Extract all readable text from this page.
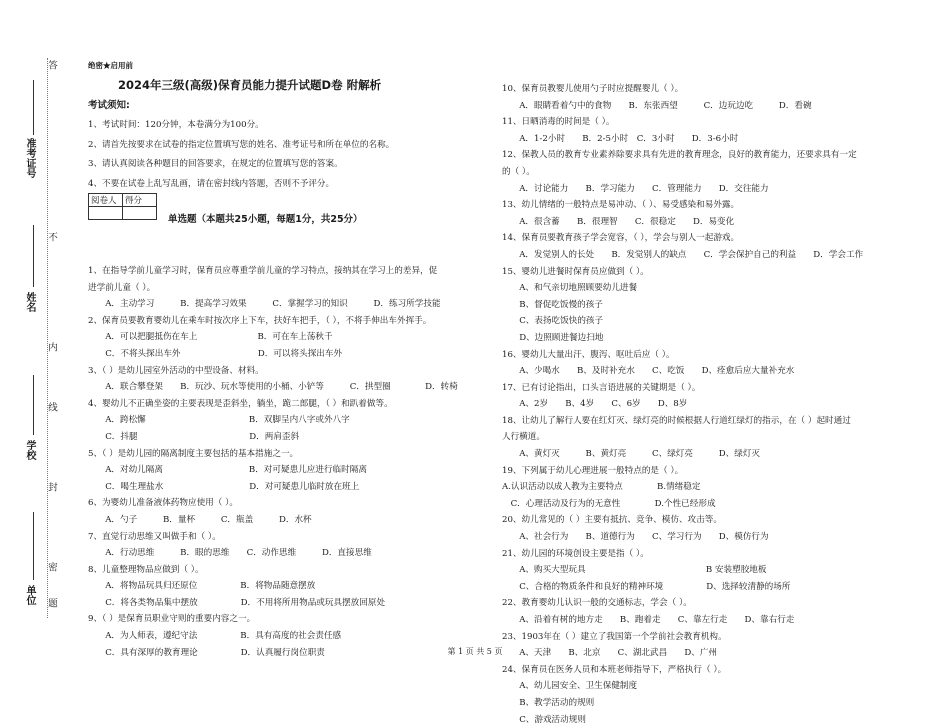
答
不
内
线
封
密
题
准考证号
姓名
学校
单位
绝密★启用前
2024年三级(高级)保育员能力提升试题D卷 附解析
考试须知:
1、考试时间：120分钟，本卷满分为100分。
2、请首先按要求在试卷的指定位置填写您的姓名、准考证号和所在单位的名称。
3、请认真阅读各种题目的回答要求，在规定的位置填写您的答案。
4、不要在试卷上乱写乱画，请在密封线内答题，否则不予评分。
阅卷人	得分

单选题（本题共25小题，每题1分，共25分）
1、在指导学前儿童学习时，保育员应尊重学前儿童的学习特点，接纳其在学习上的差异，促
进学前儿童（ ）。
　　A．主动学习　　　B．提高学习效果　　　C．掌握学习的知识　　　D．练习所学技能
2、保育员要教育婴幼儿在乘车时按次序上下车，扶好车把手，（ ），不将手伸出车外挥手。
　　A．可以把腿抵伤在车上　　　　　　　B．可在车上荡秋千
　　C．不将头探出车外　　　　　　　　　D．可以将头探出车外
3、（ ）是幼儿园室外活动的中型设备、材料。
　　A．联合攀登架　　B．玩沙、玩水等使用的小桶、小铲等　　　C．拱型圈　　　　D．转椅
4、婴幼儿不正确坐姿的主要表现是歪斜坐，躺坐，跪二郎腿，（ ）和趴着做等。
　　A．跨松懈　　　　　　　　　　　　B．双脚呈内八字或外八字
　　C．抖腿　　　　　　　　　　　　　D．两肩歪斜
5、（ ）是幼儿园的隔离制度主要包括的基本措施之一。
　　A．对幼儿隔离　　　　　　　　　　B．对可疑患儿应进行临时隔离
　　C．喝生理盐水　　　　　　　　　　D．对可疑患儿临时放在班上
6、为婴幼儿准备液体药物应使用（ ）。
　　A．勺子　　　B．量杯　　　C．瓶盖　　　D．水杯
7、直觉行动思维又叫做手和（ ）。
　　A．行动思维　　　B．眼的思维　　C．动作思维　　　D．直接思维
8、儿童整理物品应做到（ ）。
　　A．将物品玩具归还原位　　　　　B．将物品随意摆放
　　C．将各类物品集中摆放　　　　　D．不用将所用物品或玩具摆放回原处
9、（ ）是保育员职业守则的重要内容之一。
　　A．为人师表，遵纪守法　　　　　B．具有高度的社会责任感
　　C．具有深厚的教育理论　　　　　D．认真履行岗位职责
10、保育员教婴儿使用勺子时应提醒婴儿（ ）。
　　A．眼睛看着勺中的食物　　B．东张西望　　　C．边玩边吃　　　D．看碗
11、日晒消毒的时间是（ ）。
　　A．1-2小时　　B．2-5小时　C．3小时　　D．3-6小时
12、保教人员的教育专业素养除要求具有先进的教育理念，良好的教育能力，还要求具有一定
的（ ）。
　　A．讨论能力　　B．学习能力　　C．管理能力　　D．交往能力
13、幼儿情绪的一般特点是易冲动、（ ）、易受感染和易外露。
　　A．很含蓄　　B．很理智　　C．很稳定　　D．易变化
14、保育员要教育孩子学会宽容，（ ），学会与别人一起游戏。
　　A．发觉别人的长处　　B．发觉别人的缺点　　C．学会保护自己的利益　　D．学会工作
15、婴幼儿进餐时保育员应做到（ ）。
　　A、和气亲切地照顾要幼儿进餐
　　B、督促吃饭慢的孩子
　　C、表扬吃饭快的孩子
　　D、边照顾进餐边扫地
16、婴幼儿大量出汗、腹泻、呕吐后应（ ）。
　　A、少喝水　　B、及时补充水　　C、吃饭　　D、痊愈后应大量补充水
17、已有讨论指出，口头言语进展的关键期是（ ）。
　　A、2岁　　B、4岁　　C、6岁　　D、8岁
18、让幼儿了解行人要在红灯灭、绿灯亮的时候根据人行道红绿灯的指示，在（ ）起时通过
人行横道。
　　A、黄灯灭　　　B、黄灯亮　　　C、绿灯亮　　　D、绿灯灭
19、下列属于幼儿心理进展一般特点的是（ ）。
A.认识活动以成人教为主要特点　　　　B.情绪稳定
　C．心理活动及行为的无意性　　　　D.个性已经形成
20、幼儿常见的（ ）主要有抵抗、竞争、模仿、攻击等。
　　A、社会行为　　B、道德行为　　C、学习行为　　D、模仿行为
21、幼儿园的环境创设主要是指（ ）。
　　A、购买大型玩具　　　　　　　　　　　　　　B 安装塑胶地板
　　C、合格的物质条件和良好的精神环境　　　　　D、选择较清静的场所
22、教育婴幼儿认识一般的交通标志，学会（ ）。
　　A、沿着有树的地方走　　B、跑着走　　C、靠左行走　　D、靠右行走
23、1903年在（ ）建立了我国第一个学前社会教育机构。
　　A、天津　　B、北京　　C、湖北武昌　　D、广州
24、保育员在医务人员和本班老师指导下，严格执行（ ）。
　　A、幼儿园安全、卫生保健制度
　　B、教学活动的规则
　　C、游戏活动规则
第 1 页 共 5 页
